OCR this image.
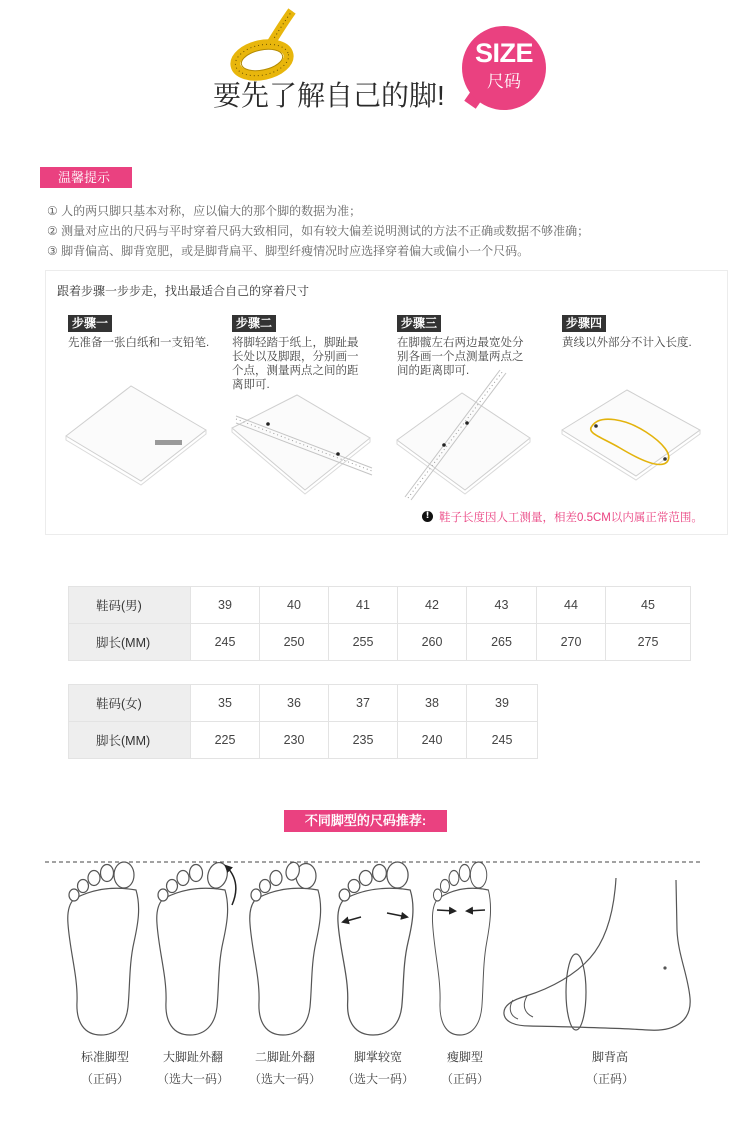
要先了解自己的脚!
SIZE
尺码
温馨提示
① 人的两只脚只基本对称，应以偏大的那个脚的数据为准；
② 测量对应出的尺码与平时穿着尺码大致相同，如有较大偏差说明测试的方法不正确或数据不够准确；
③ 脚背偏高、脚背宽肥，或是脚背扁平、脚型纤瘦情况时应选择穿着偏大或偏小一个尺码。
跟着步骤一步步走，找出最适合自己的穿着尺寸
步骤一
先准备一张白纸和一支铅笔.
步骤二
将脚轻踏于纸上，脚趾最
长处以及脚跟，分别画一
个点，测量两点之间的距
离即可.
步骤三
在脚髋左右两边最宽处分
别各画一个点测量两点之
间的距离即可.
步骤四
黄线以外部分不计入长度.
!鞋子长度因人工测量，相差0.5CM以内属正常范围。
鞋码(男)	39	40	41	42	43	44	45
脚长(MM)	245	250	255	260	265	270	275
鞋码(女)	35	36	37	38	39
脚长(MM)	225	230	235	240	245
不同脚型的尺码推荐:
标准脚型
（正码）
大脚趾外翻
（选大一码）
二脚趾外翻
（选大一码）
脚掌较宽
（选大一码）
瘦脚型
（正码）
脚背高
（正码）
